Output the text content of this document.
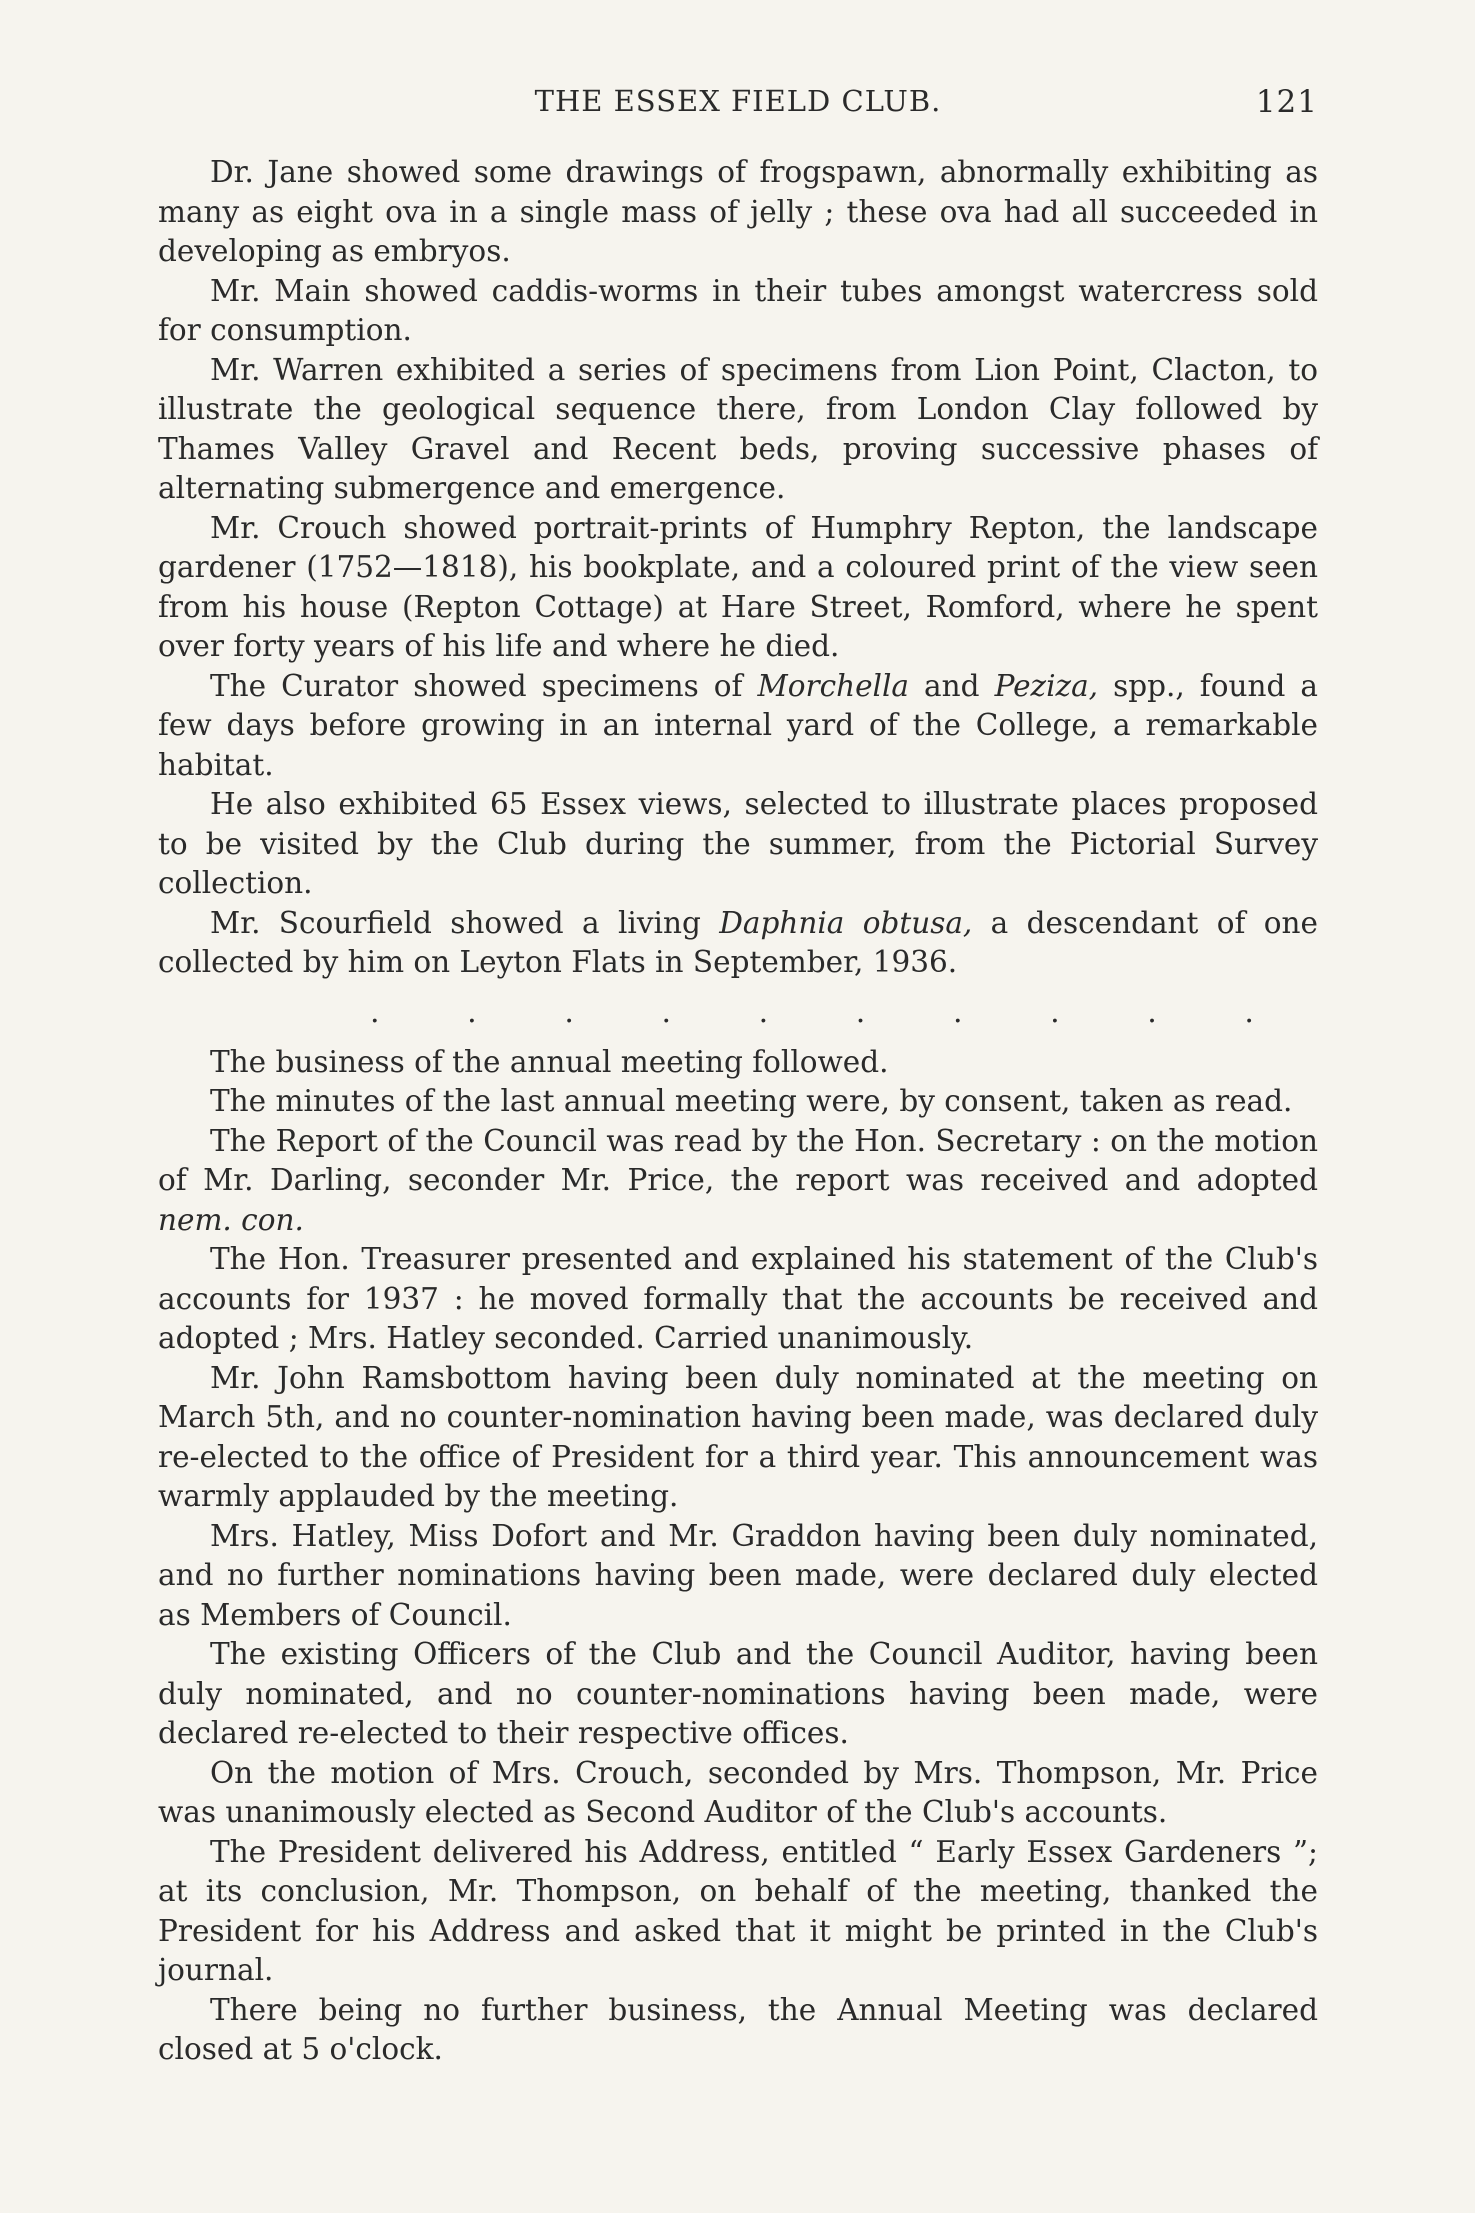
THE ESSEX FIELD CLUB.	121

Dr. Jane showed some drawings of frogspawn, abnormally exhibiting as many as eight ova in a single mass of jelly ; these ova had all succeeded in developing as embryos.

Mr. Main showed caddis-worms in their tubes amongst watercress sold for consumption.

Mr. Warren exhibited a series of specimens from Lion Point, Clacton, to illustrate the geological sequence there, from London Clay followed by Thames Valley Gravel and Recent beds, proving successive phases of alternating submergence and emergence.

Mr. Crouch showed portrait-prints of Humphry Repton, the landscape gardener (1752—1818), his bookplate, and a coloured print of the view seen from his house (Repton Cottage) at Hare Street, Romford, where he spent over forty years of his life and where he died.

The Curator showed specimens of Morchella and Peziza, spp., found a few days before growing in an internal yard of the College, a remarkable habitat.

He also exhibited 65 Essex views, selected to illustrate places proposed to be visited by the Club during the summer, from the Pictorial Survey collection.

Mr. Scourfield showed a living Daphnia obtusa, a descendant of one collected by him on Leyton Flats in September, 1936.

.	.	.	.	.	.	.	.	.	.

The business of the annual meeting followed.

The minutes of the last annual meeting were, by consent, taken as read.

The Report of the Council was read by the Hon. Secretary : on the motion of Mr. Darling, seconder Mr. Price, the report was received and adopted nem. con.

The Hon. Treasurer presented and explained his statement of the Club's accounts for 1937 : he moved formally that the accounts be received and adopted ; Mrs. Hatley seconded. Carried unanimously.

Mr. John Ramsbottom having been duly nominated at the meeting on March 5th, and no counter-nomination having been made, was declared duly re-elected to the office of President for a third year. This announcement was warmly applauded by the meeting.

Mrs. Hatley, Miss Dofort and Mr. Graddon having been duly nominated, and no further nominations having been made, were declared duly elected as Members of Council.

The existing Officers of the Club and the Council Auditor, having been duly nominated, and no counter-nominations having been made, were declared re-elected to their respective offices.

On the motion of Mrs. Crouch, seconded by Mrs. Thompson, Mr. Price was unanimously elected as Second Auditor of the Club's accounts.

The President delivered his Address, entitled “ Early Essex Gardeners ”; at its conclusion, Mr. Thompson, on behalf of the meeting, thanked the President for his Address and asked that it might be printed in the Club's journal.

There being no further business, the Annual Meeting was declared closed at 5 o'clock.
